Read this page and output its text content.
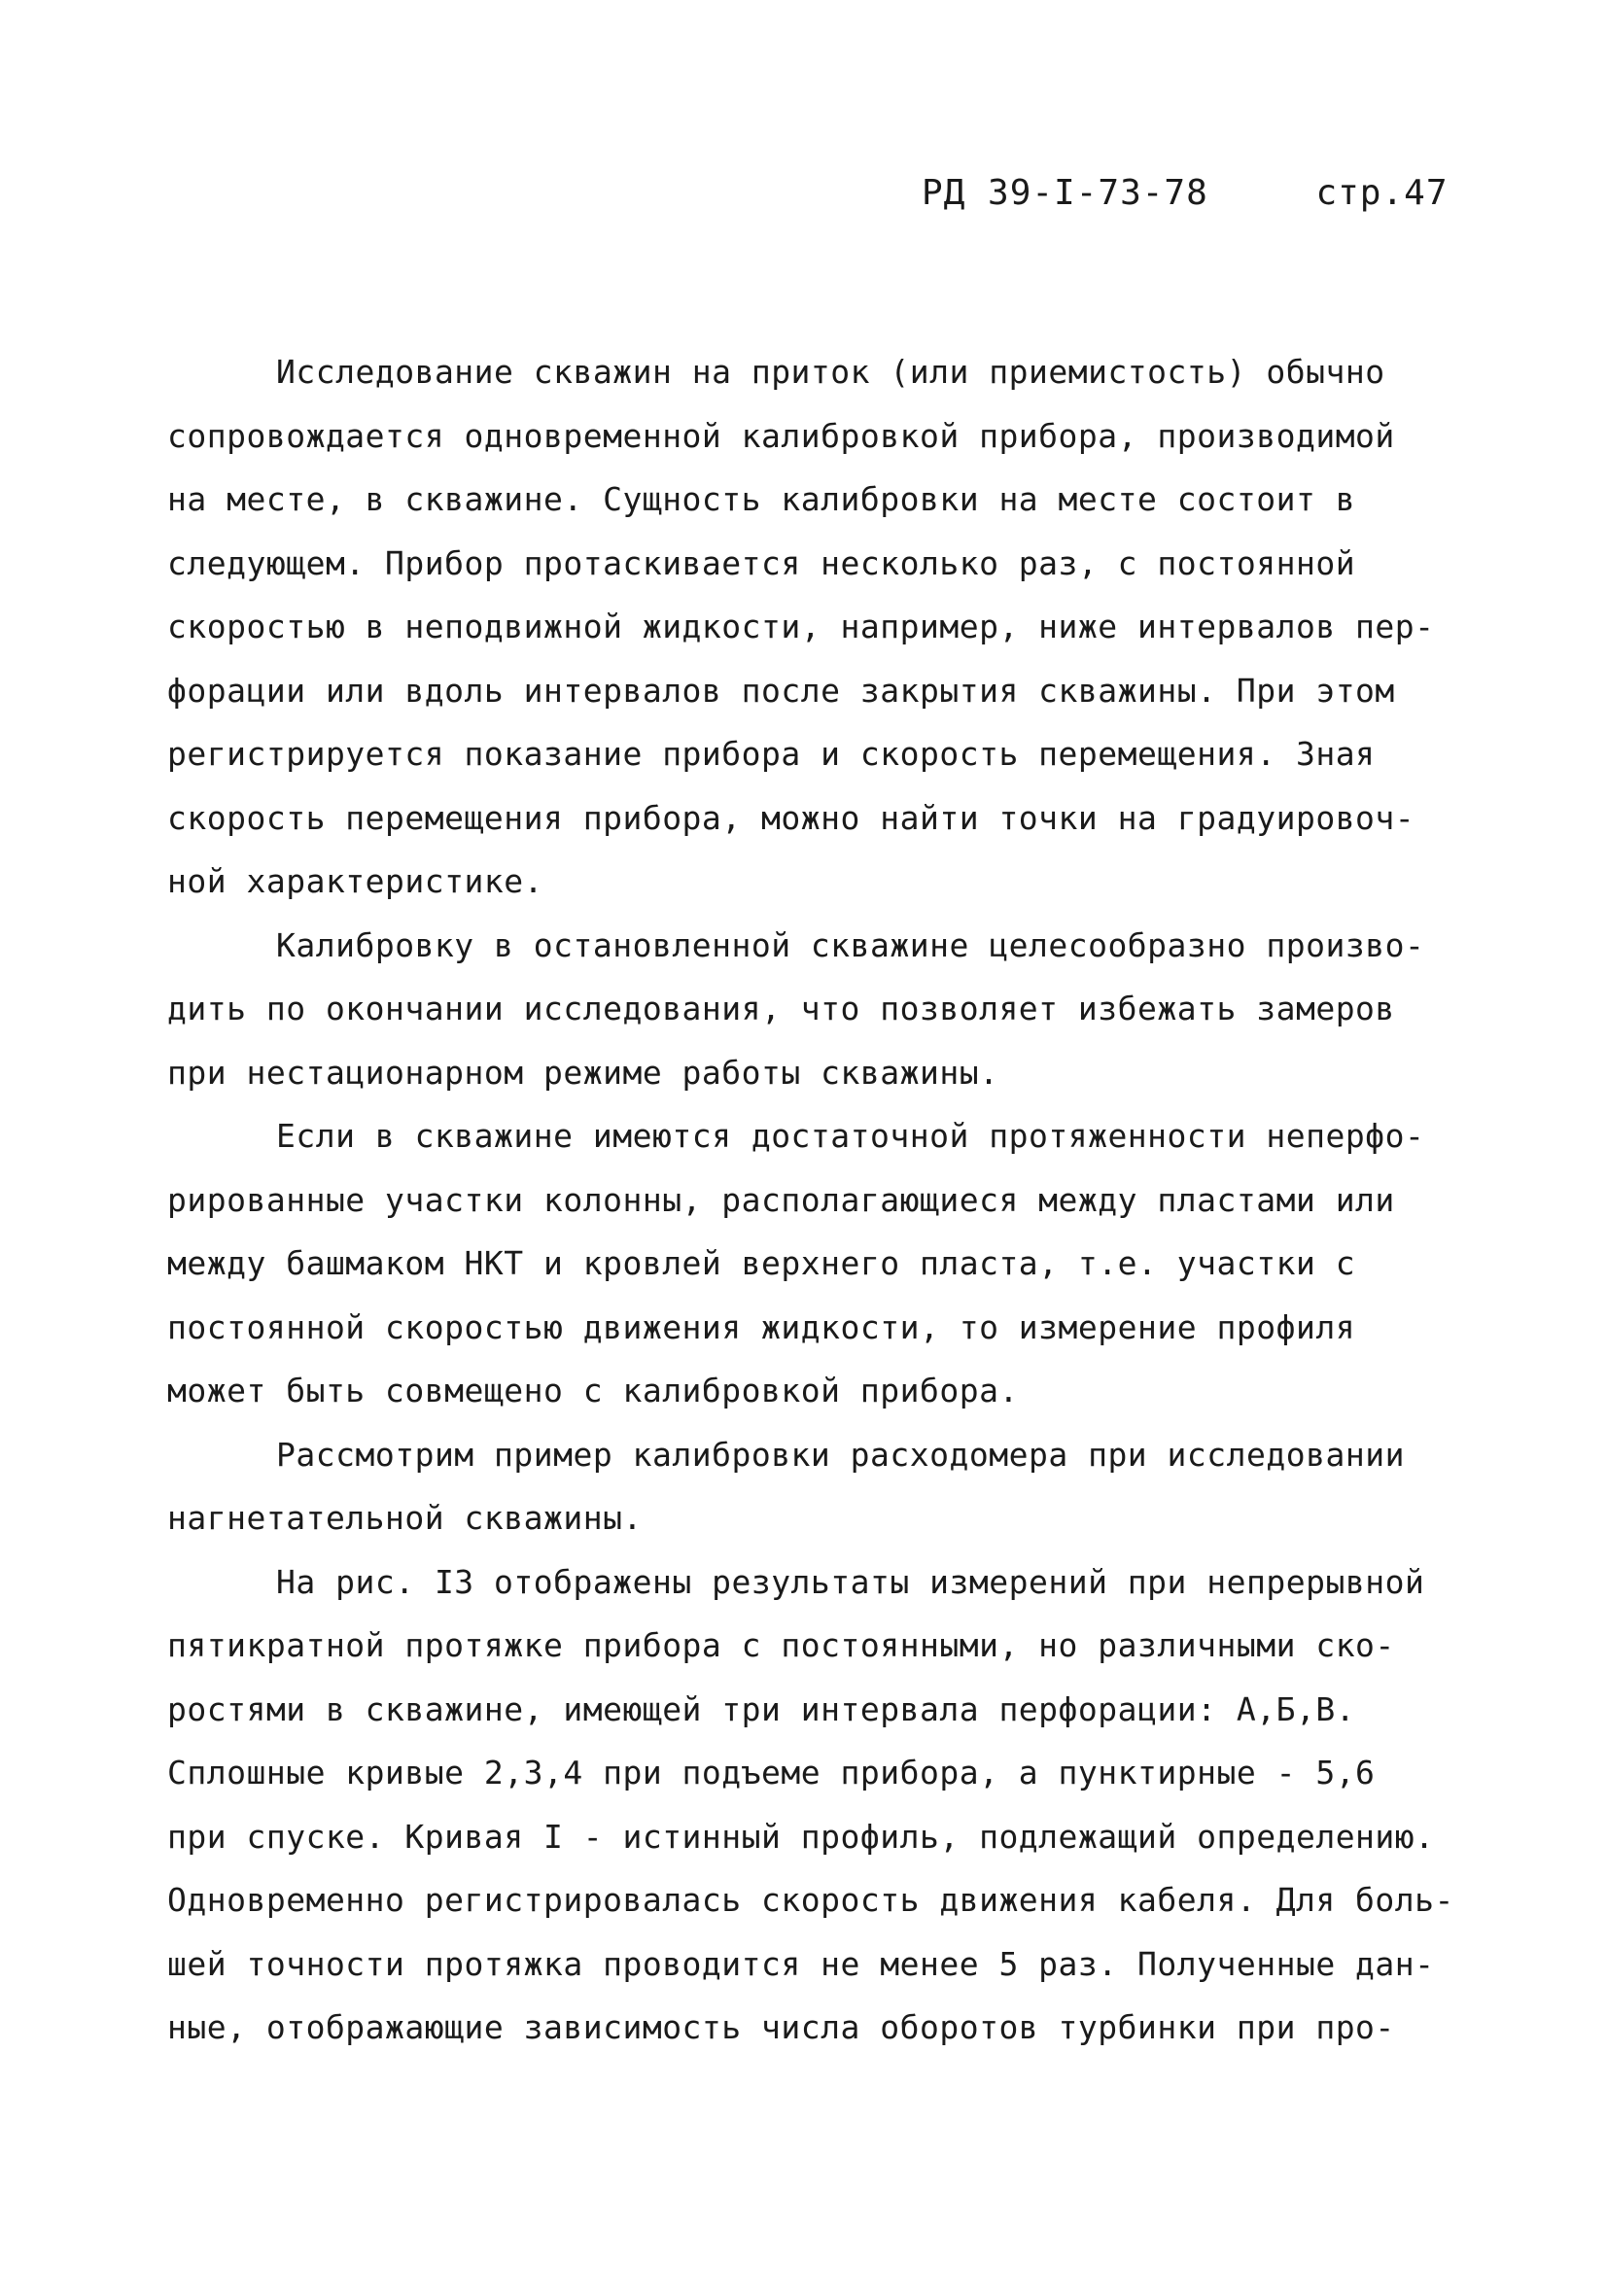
РД 39-I-73-78	стр.47
Исследование скважин на приток (или приемистость) обычно
сопровождается одновременной калибровкой прибора, производимой
на месте, в скважине. Сущность калибровки на месте состоит в
следующем. Прибор протаскивается несколько раз, с постоянной
скоростью в неподвижной жидкости, например, ниже интервалов пер-
форации или вдоль интервалов после закрытия скважины. При этом
регистрируется показание прибора и скорость перемещения. Зная
скорость перемещения прибора, можно найти точки на градуировоч-
ной характеристике.
Калибровку в остановленной скважине целесообразно произво-
дить по окончании исследования, что позволяет избежать замеров
при нестационарном режиме работы скважины.
Если в скважине имеются достаточной протяженности неперфо-
рированные участки колонны, располагающиеся между пластами или
между башмаком НКТ и кровлей верхнего пласта, т.е. участки с
постоянной скоростью движения жидкости, то измерение профиля
может быть совмещено с калибровкой прибора.
Рассмотрим пример калибровки расходомера при исследовании
нагнетательной скважины.
На рис. I3 отображены результаты измерений при непрерывной
пятикратной протяжке прибора с постоянными, но различными ско-
ростями в скважине, имеющей три интервала перфорации: А,Б,В.
Сплошные кривые 2,3,4 при подъеме прибора, а пунктирные - 5,6
при спуске. Кривая I - истинный профиль, подлежащий определению.
Одновременно регистрировалась скорость движения кабеля. Для боль-
шей точности протяжка проводится не менее 5 раз. Полученные дан-
ные, отображающие зависимость числа оборотов турбинки при про-
